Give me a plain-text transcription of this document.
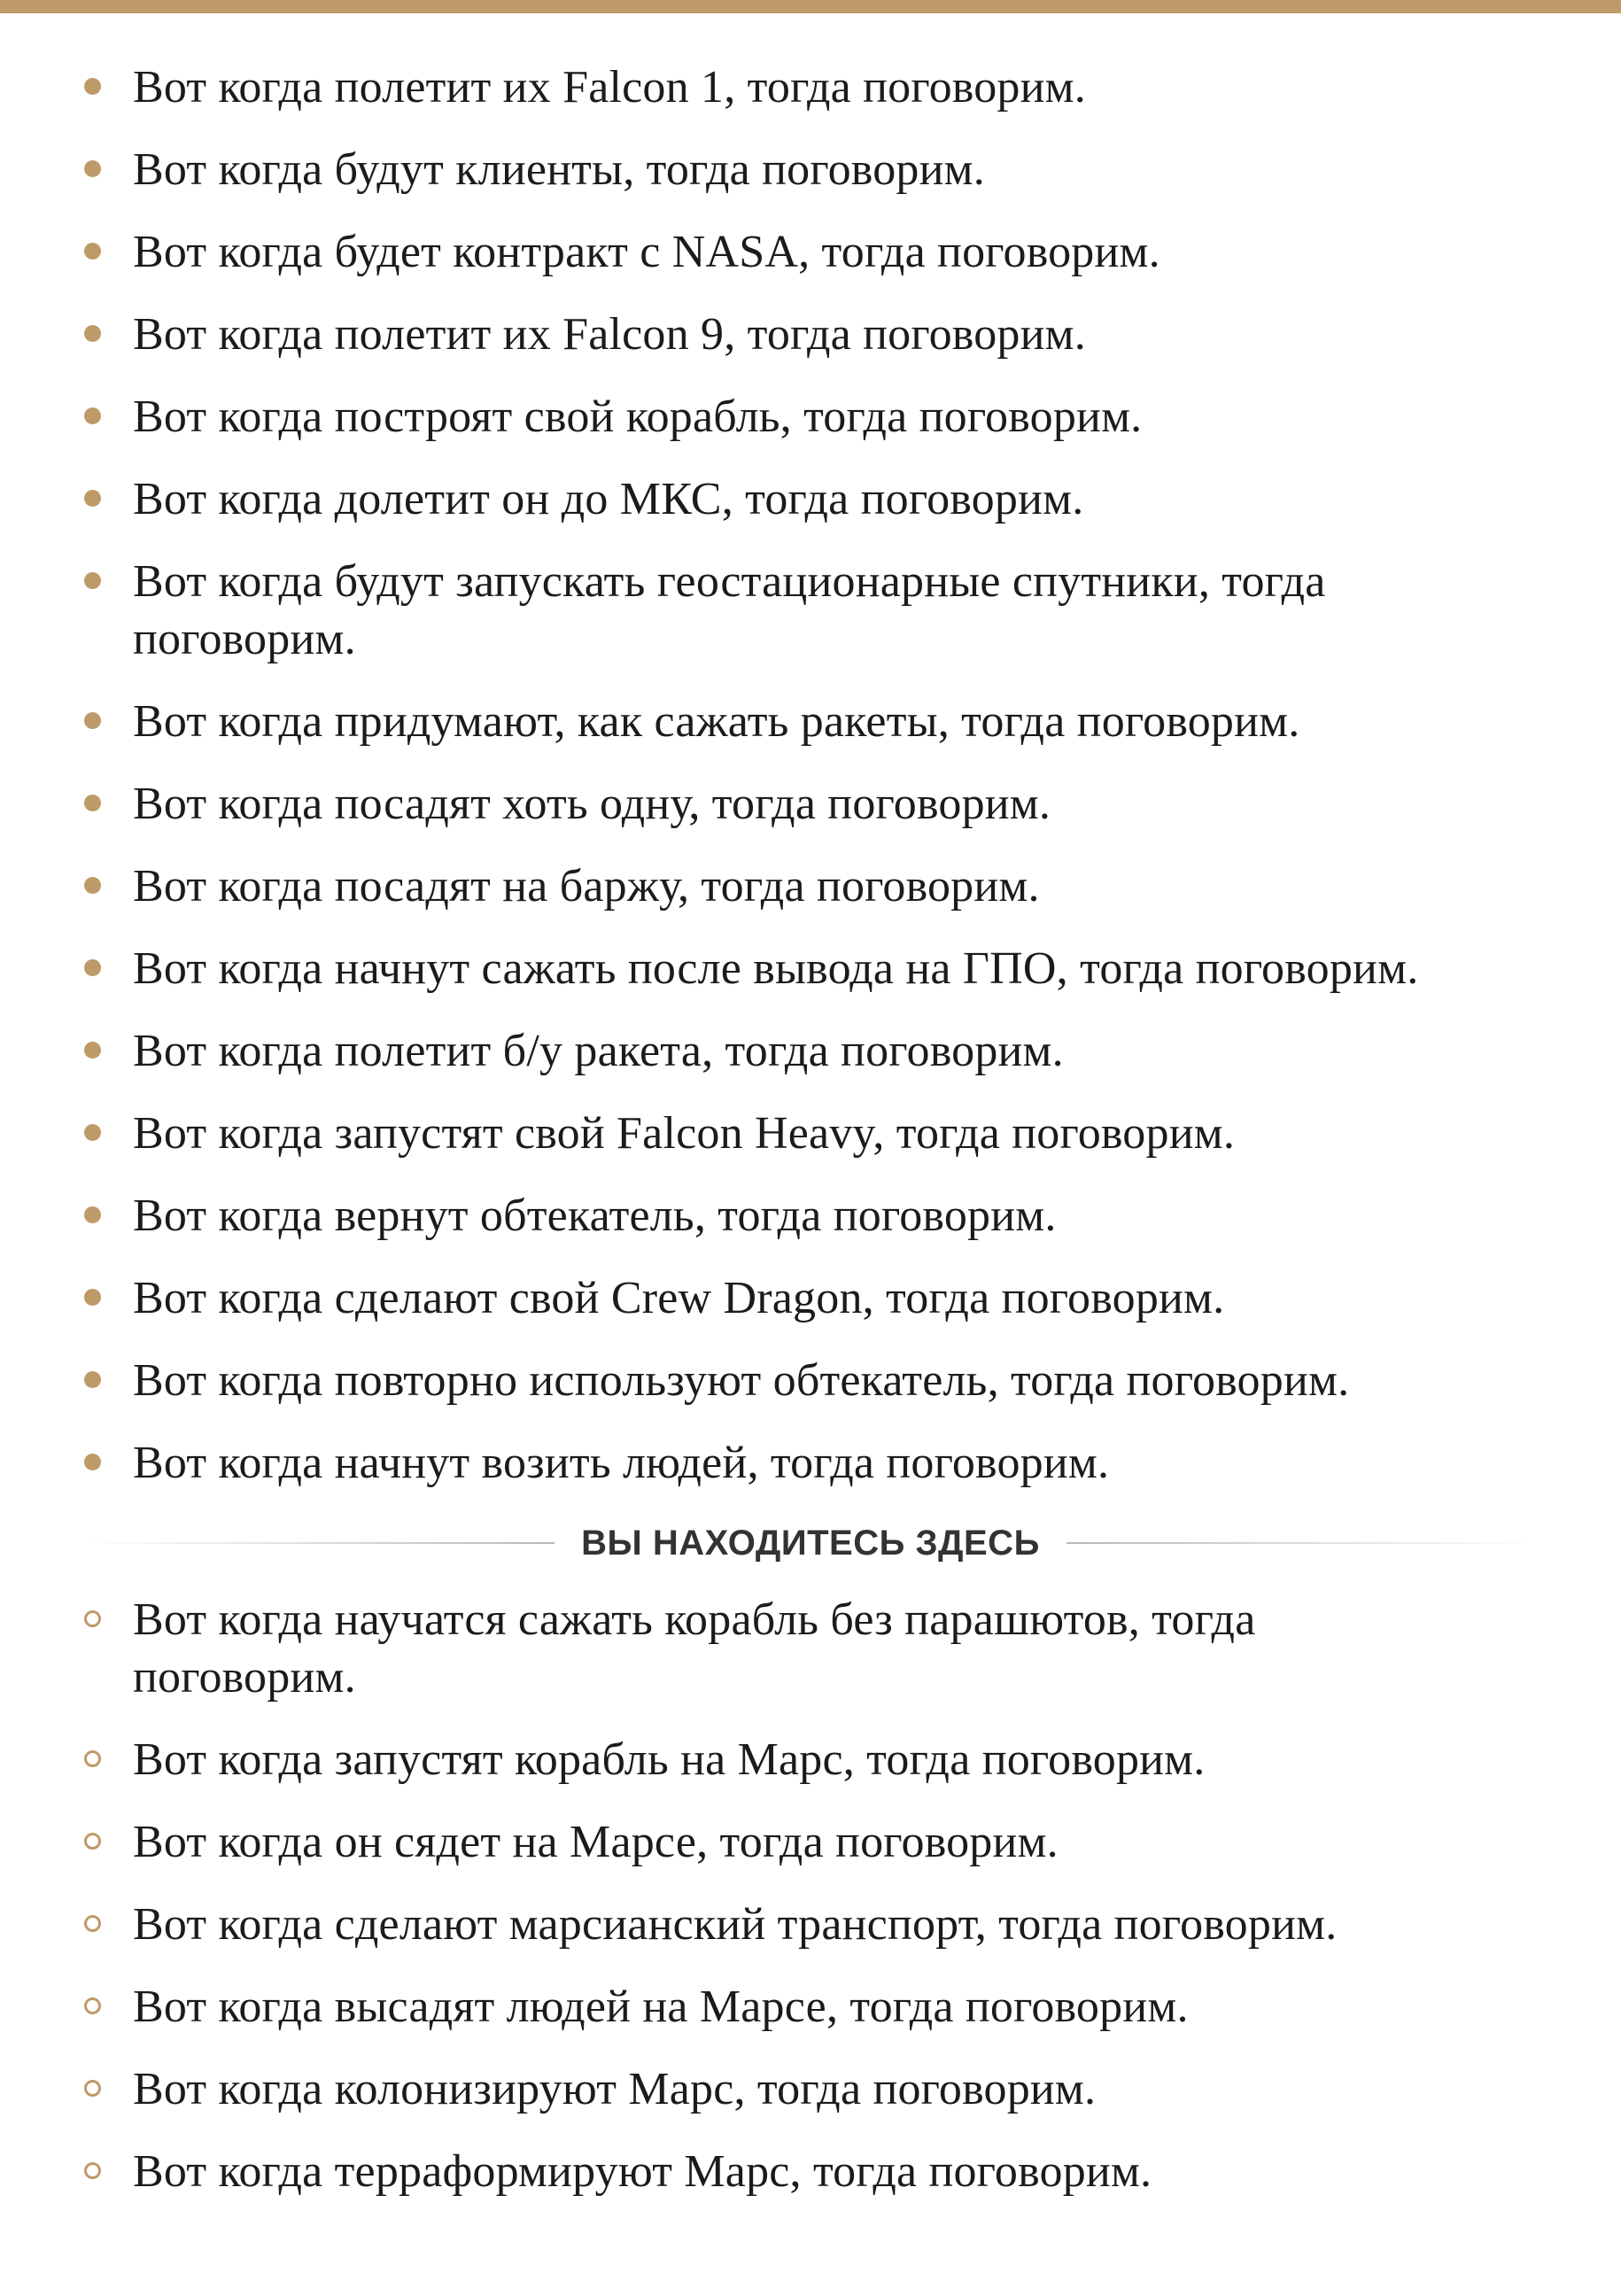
Вот когда полетит их Falcon 1, тогда поговорим.
Вот когда будут клиенты, тогда поговорим.
Вот когда будет контракт с NASA, тогда поговорим.
Вот когда полетит их Falcon 9, тогда поговорим.
Вот когда построят свой корабль, тогда поговорим.
Вот когда долетит он до МКС, тогда поговорим.
Вот когда будут запускать геостационарные спутники, тогда поговорим.
Вот когда придумают, как сажать ракеты, тогда поговорим.
Вот когда посадят хоть одну, тогда поговорим.
Вот когда посадят на баржу, тогда поговорим.
Вот когда начнут сажать после вывода на ГПО, тогда поговорим.
Вот когда полетит б/у ракета, тогда поговорим.
Вот когда запустят свой Falcon Heavy, тогда поговорим.
Вот когда вернут обтекатель, тогда поговорим.
Вот когда сделают свой Crew Dragon, тогда поговорим.
Вот когда повторно используют обтекатель, тогда поговорим.
Вот когда начнут возить людей, тогда поговорим.
ВЫ НАХОДИТЕСЬ ЗДЕСЬ
Вот когда научатся сажать корабль без парашютов, тогда поговорим.
Вот когда запустят корабль на Марс, тогда поговорим.
Вот когда он сядет на Марсе, тогда поговорим.
Вот когда сделают марсианский транспорт, тогда поговорим.
Вот когда высадят людей на Марсе, тогда поговорим.
Вот когда колонизируют Марс, тогда поговорим.
Вот когда терраформируют Марс, тогда поговорим.
